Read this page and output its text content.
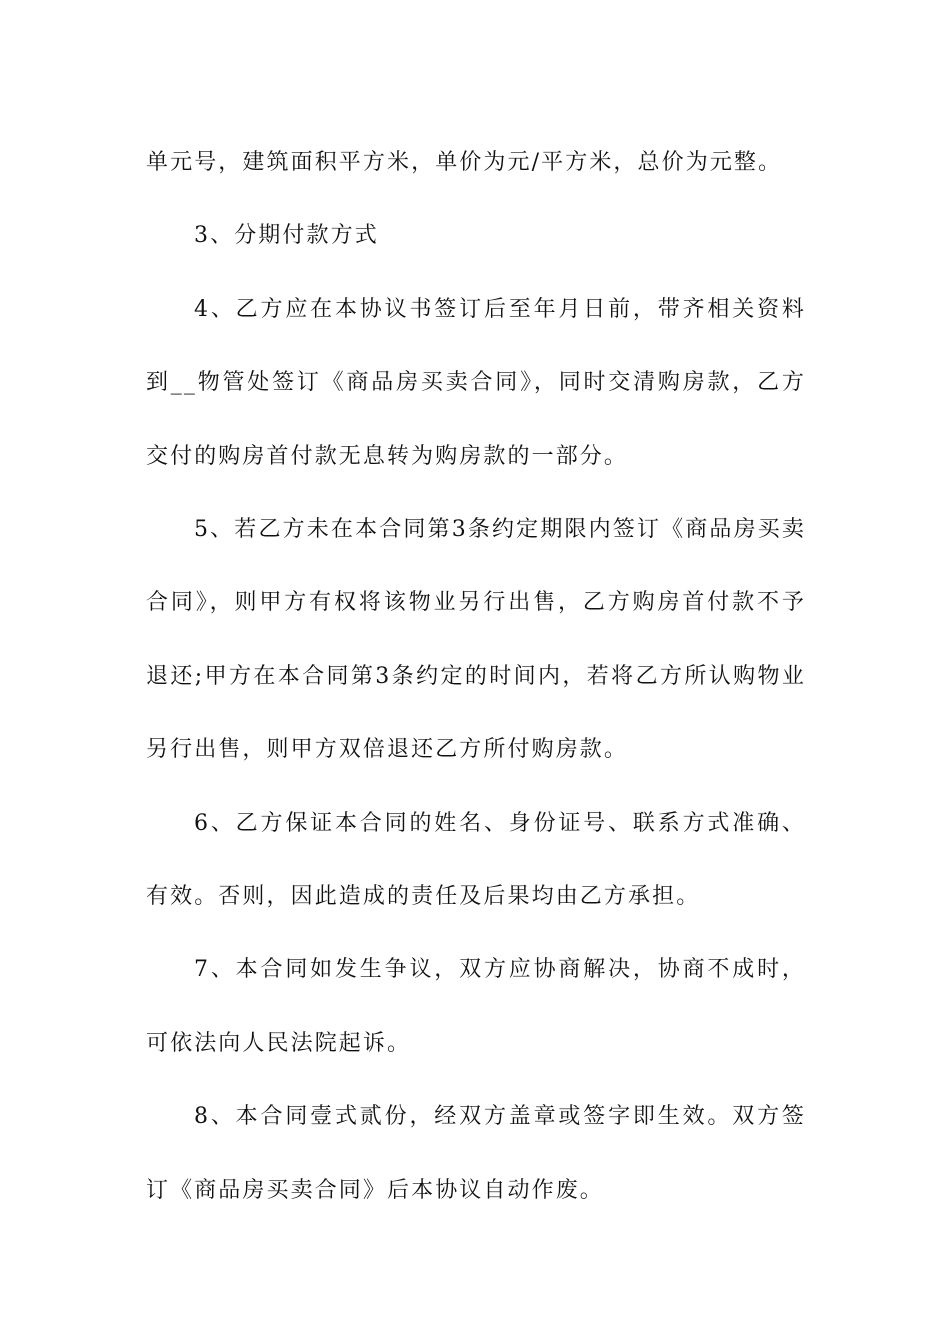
单元号，建筑面积平方米，单价为元/平方米，总价为元整。

3、分期付款方式

4、乙方应在本协议书签订后至年月日前，带齐相关资料到__物管处签订《商品房买卖合同》，同时交清购房款，乙方交付的购房首付款无息转为购房款的一部分。

5、若乙方未在本合同第3条约定期限内签订《商品房买卖合同》，则甲方有权将该物业另行出售，乙方购房首付款不予退还;甲方在本合同第3条约定的时间内，若将乙方所认购物业另行出售，则甲方双倍退还乙方所付购房款。

6、乙方保证本合同的姓名、身份证号、联系方式准确、有效。否则，因此造成的责任及后果均由乙方承担。

7、本合同如发生争议，双方应协商解决，协商不成时，可依法向人民法院起诉。

8、本合同壹式贰份，经双方盖章或签字即生效。双方签订《商品房买卖合同》后本协议自动作废。
